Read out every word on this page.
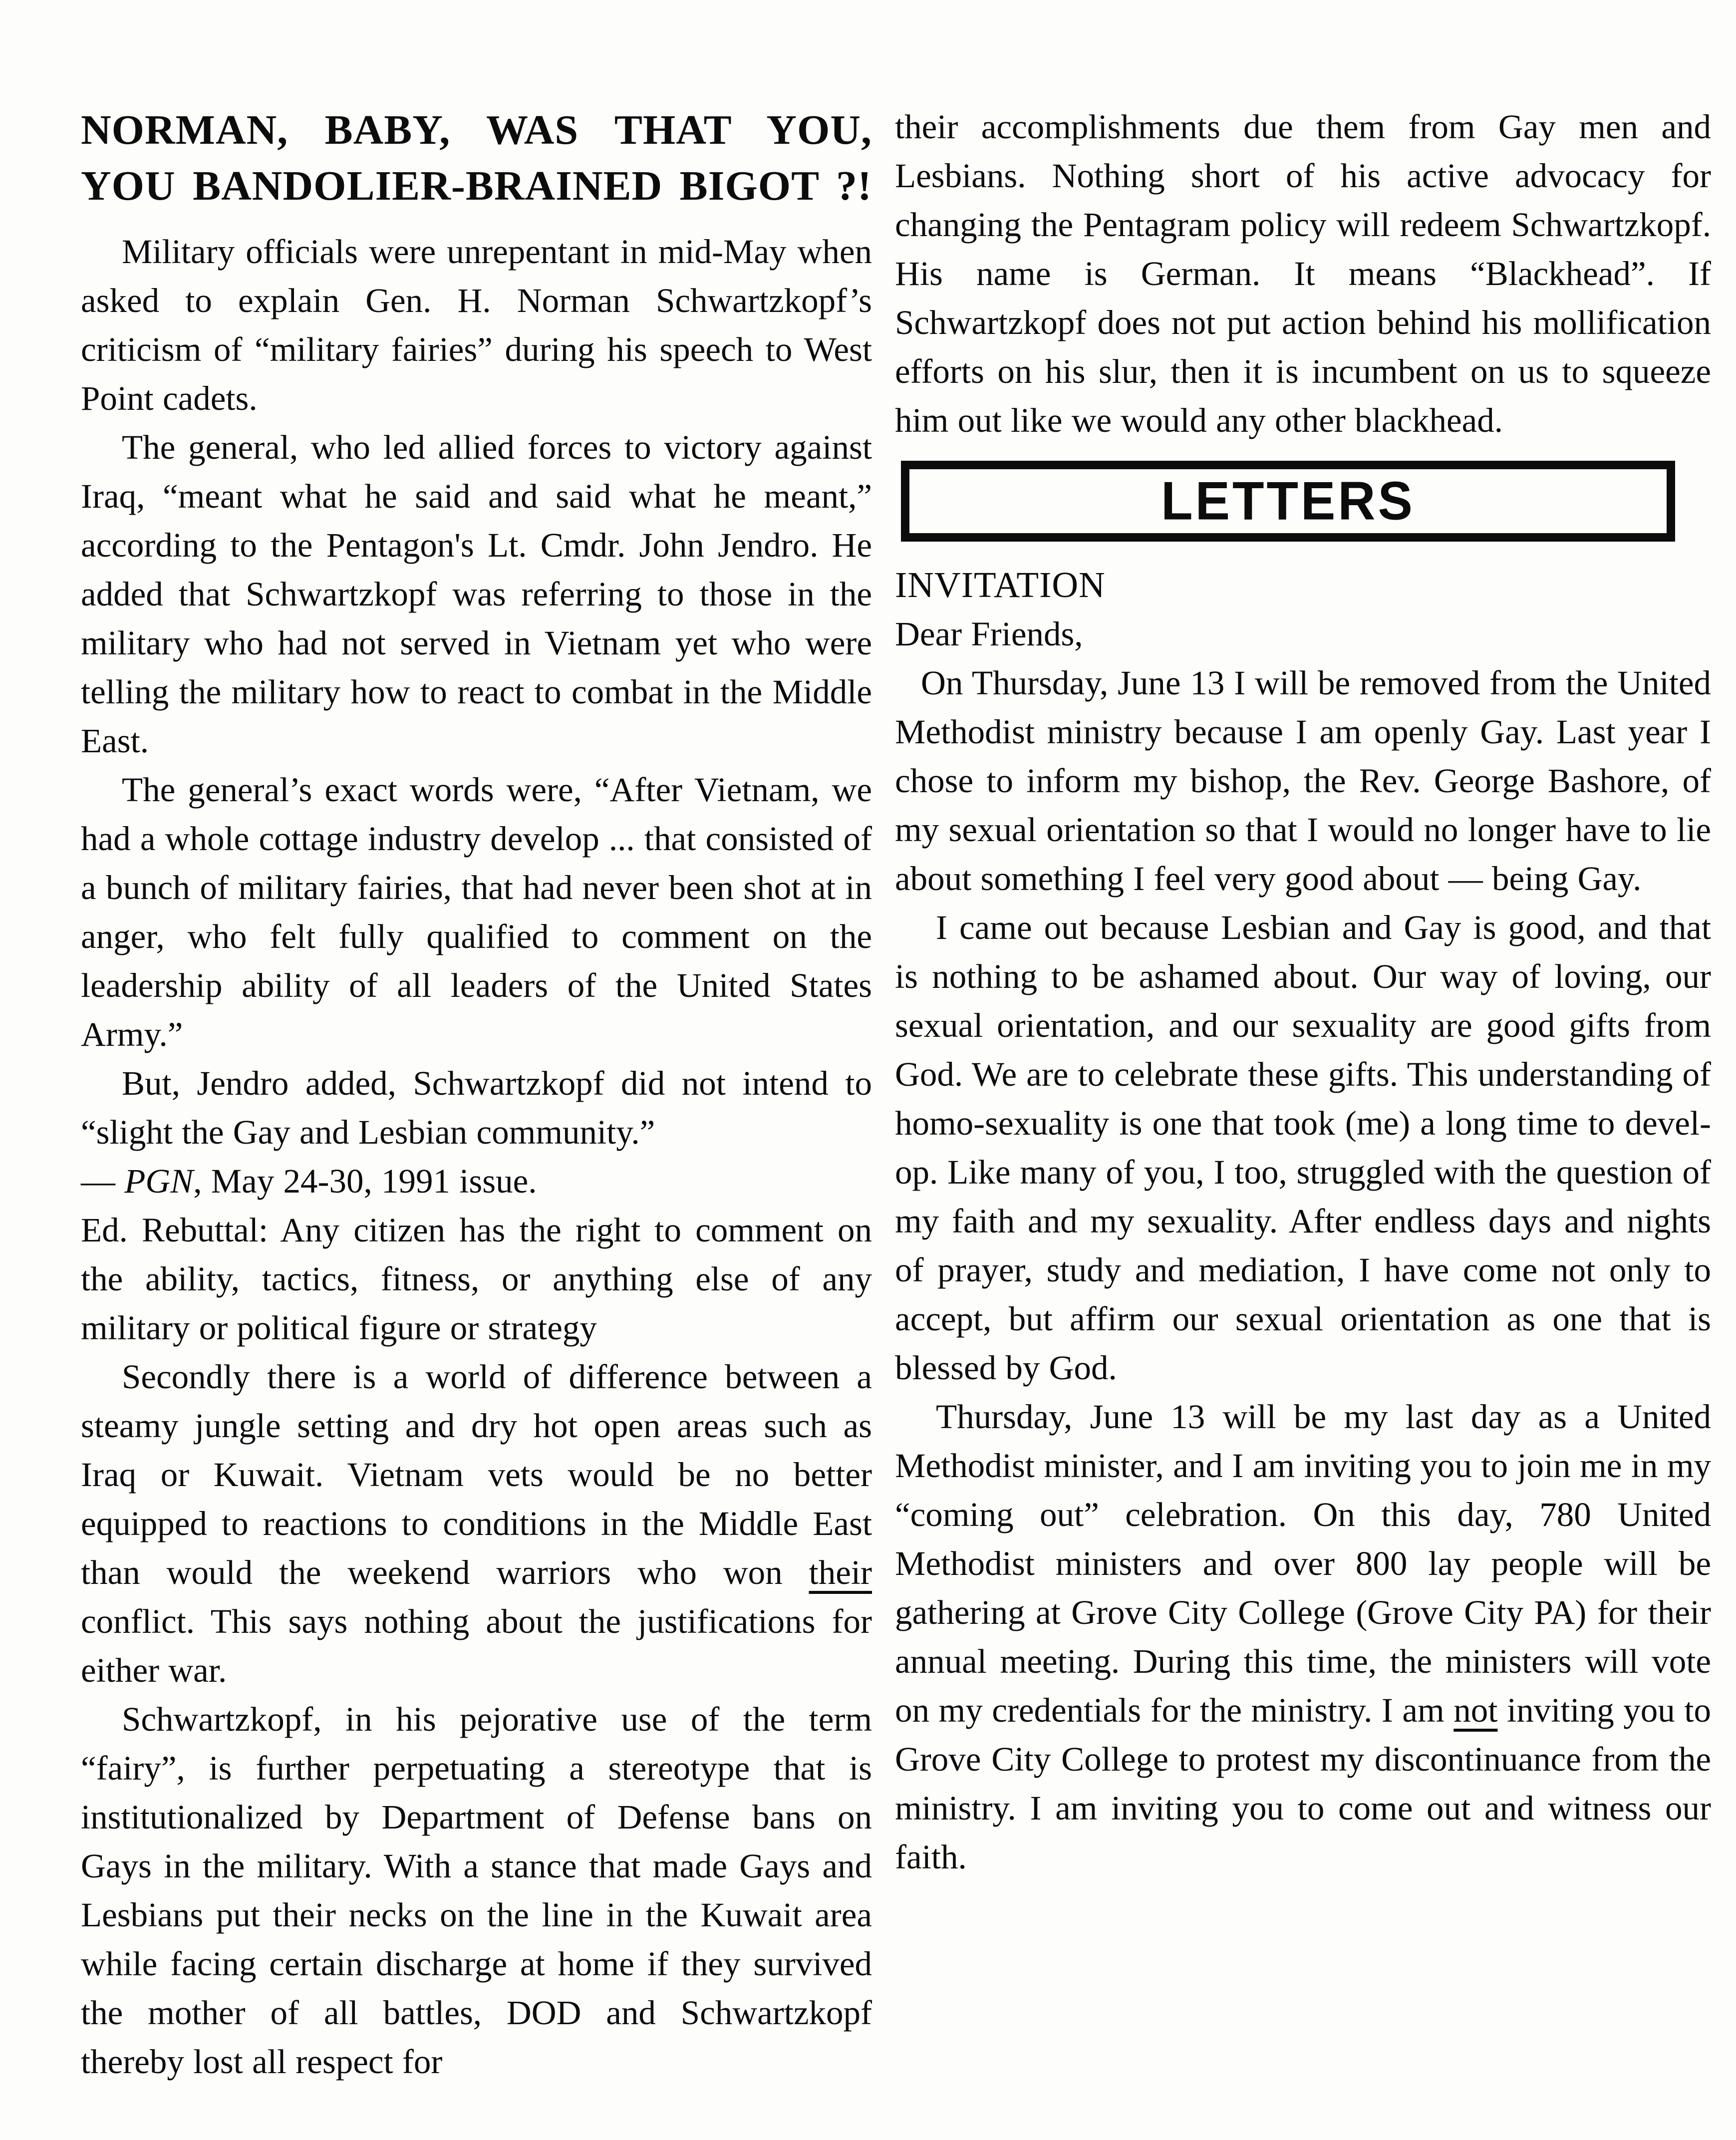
NORMAN, BABY, WAS THAT YOU,
YOU BANDOLIER-BRAINED BIGOT ?!

Military officials were unrepentant in mid-May when asked to explain Gen. H. Norman Schwartzkopf’s criticism of “military fairies” during his speech to West Point cadets.

The general, who led allied forces to victory against Iraq, “meant what he said and said what he meant,” according to the Pentagon's Lt. Cmdr. John Jendro. He added that Schwartzkopf was referring to those in the military who had not served in Vietnam yet who were telling the military how to react to combat in the Middle East.

The general’s exact words were, “After Vietnam, we had a whole cottage industry develop ... that consisted of a bunch of military fairies, that had never been shot at in anger, who felt fully qualified to comment on the leadership ability of all leaders of the United States Army.”

But, Jendro added, Schwartzkopf did not intend to “slight the Gay and Lesbian community.”

— PGN, May 24-30, 1991 issue.

Ed. Rebuttal: Any citizen has the right to comment on the ability, tactics, fitness, or anything else of any military or political figure or strategy

Secondly there is a world of difference between a steamy jungle setting and dry hot open areas such as Iraq or Kuwait. Vietnam vets would be no better equipped to reactions to conditions in the Middle East than would the weekend warriors who won their conflict. This says nothing about the justifications for either war.

Schwartzkopf, in his pejorative use of the term “fairy”, is further perpetuating a stereotype that is institutionalized by Department of Defense bans on Gays in the military. With a stance that made Gays and Lesbians put their necks on the line in the Kuwait area while facing certain discharge at home if they survived the mother of all battles, DOD and Schwartzkopf thereby lost all respect for

their accomplishments due them from Gay men and Lesbians. Nothing short of his active advocacy for changing the Pentagram policy will redeem Schwartzkopf. His name is German. It means “Blackhead”. If Schwartzkopf does not put action behind his mollification efforts on his slur, then it is incumbent on us to squeeze him out like we would any other blackhead.

LETTERS

INVITATION

Dear Friends,

On Thursday, June 13 I will be removed from the United Methodist ministry because I am openly Gay. Last year I chose to inform my bishop, the Rev. George Bashore, of my sexual orientation so that I would no longer have to lie about something I feel very good about — being Gay.

I came out because Lesbian and Gay is good, and that is nothing to be ashamed about. Our way of loving, our sexual orientation, and our sexuality are good gifts from God. We are to celebrate these gifts. This understanding of homo-sexuality is one that took (me) a long time to devel-op. Like many of you, I too, struggled with the question of my faith and my sexuality. After endless days and nights of prayer, study and mediation, I have come not only to accept, but affirm our sexual orientation as one that is blessed by God.

Thursday, June 13 will be my last day as a United Methodist minister, and I am inviting you to join me in my “coming out” celebration. On this day, 780 United Methodist ministers and over 800 lay people will be gathering at Grove City College (Grove City PA) for their annual meeting. During this time, the ministers will vote on my credentials for the ministry. I am not inviting you to Grove City College to protest my discontinuance from the ministry. I am inviting you to come out and witness our faith.
